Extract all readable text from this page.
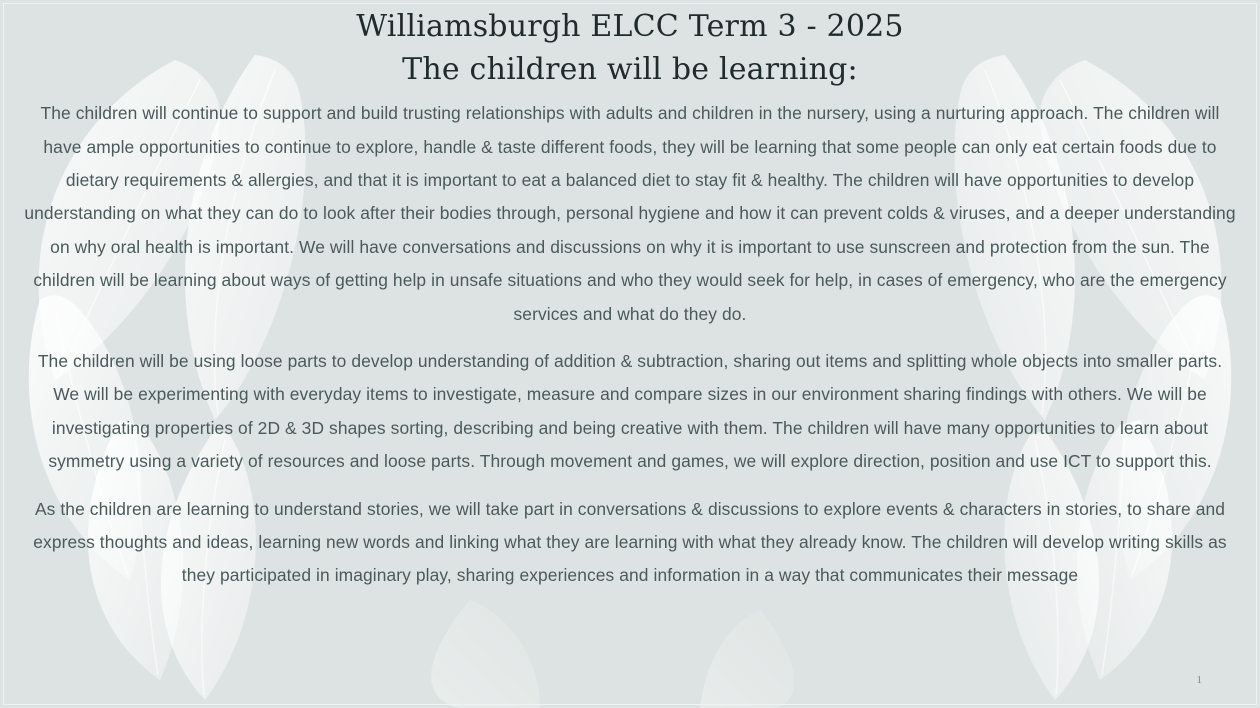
Williamsburgh ELCC Term 3 - 2025
The children will be learning:

The children will continue to support and build trusting relationships with adults and children in the nursery, using a nurturing approach. The children will have ample opportunities to continue to explore, handle & taste different foods, they will be learning that some people can only eat certain foods due to dietary requirements & allergies, and that it is important to eat a balanced diet to stay fit & healthy. The children will have opportunities to develop understanding on what they can do to look after their bodies through, personal hygiene and how it can prevent colds & viruses, and a deeper understanding on why oral health is important. We will have conversations and discussions on why it is important to use sunscreen and protection from the sun. The children will be learning about ways of getting help in unsafe situations and who they would seek for help, in cases of emergency, who are the emergency services and what do they do.

The children will be using loose parts to develop understanding of addition & subtraction, sharing out items and splitting whole objects into smaller parts. We will be experimenting with everyday items to investigate, measure and compare sizes in our environment sharing findings with others. We will be investigating properties of 2D & 3D shapes sorting, describing and being creative with them. The children will have many opportunities to learn about symmetry using a variety of resources and loose parts. Through movement and games, we will explore direction, position and use ICT to support this.

As the children are learning to understand stories, we will take part in conversations & discussions to explore events & characters in stories, to share and express thoughts and ideas, learning new words and linking what they are learning with what they already know. The children will develop writing skills as they participated in imaginary play, sharing experiences and information in a way that communicates their message

1
